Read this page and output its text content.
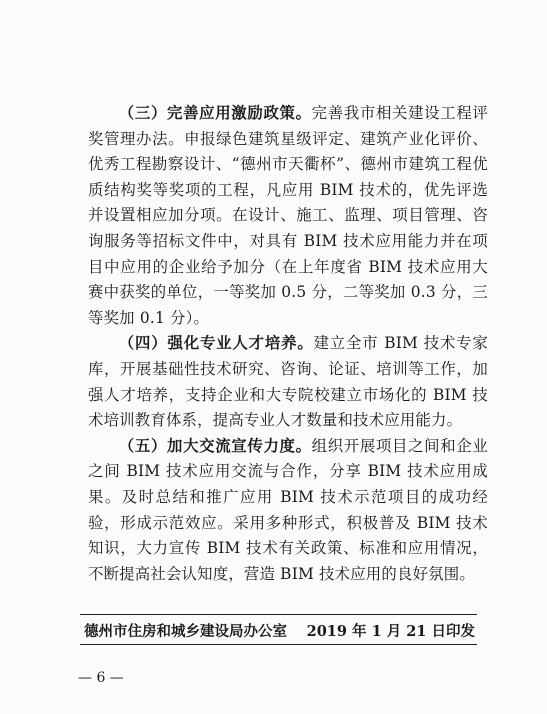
（三）完善应用激励政策。完善我市相关建设工程评奖管理办法。申报绿色建筑星级评定、建筑产业化评价、优秀工程勘察设计、“德州市天衢杯”、德州市建筑工程优质结构奖等奖项的工程，凡应用 BIM 技术的，优先评选并设置相应加分项。在设计、施工、监理、项目管理、咨询服务等招标文件中，对具有 BIM 技术应用能力并在项目中应用的企业给予加分（在上年度省 BIM 技术应用大赛中获奖的单位，一等奖加 0.5 分，二等奖加 0.3 分，三等奖加 0.1 分）。

（四）强化专业人才培养。建立全市 BIM 技术专家库，开展基础性技术研究、咨询、论证、培训等工作，加强人才培养，支持企业和大专院校建立市场化的 BIM 技术培训教育体系，提高专业人才数量和技术应用能力。

（五）加大交流宣传力度。组织开展项目之间和企业之间 BIM 技术应用交流与合作，分享 BIM 技术应用成果。及时总结和推广应用 BIM 技术示范项目的成功经验，形成示范效应。采用多种形式，积极普及 BIM 技术知识，大力宣传 BIM 技术有关政策、标准和应用情况，不断提高社会认知度，营造 BIM 技术应用的良好氛围。

德州市住房和城乡建设局办公室 2019 年 1 月 21 日印发
— 6 —
